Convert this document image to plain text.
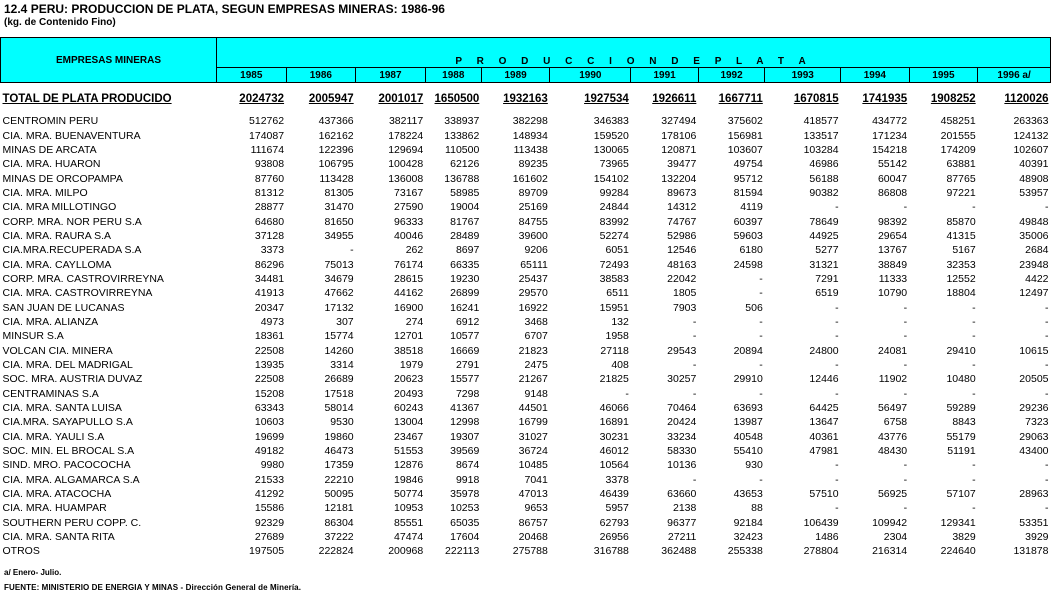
12.4 PERU: PRODUCCION DE PLATA, SEGUN EMPRESAS MINERAS: 1986-96
(kg. de Contenido Fino)
EMPRESAS MINERAS	P R O D U C C I O N D E P L A T A											
	1985	1986	1987	1988	1989	1990	1991	1992	1993	1994	1995	1996 a/

TOTAL DE PLATA PRODUCIDO	2024732	2005947	2001017	1650500	1932163	1927534	1926611	1667711	1670815	1741935	1908252	1120026

CENTROMIN PERU	512762	437366	382117	338937	382298	346383	327494	375602	418577	434772	458251	263363
CIA. MRA. BUENAVENTURA	174087	162162	178224	133862	148934	159520	178106	156981	133517	171234	201555	124132
MINAS DE ARCATA	111674	122396	129694	110500	113438	130065	120871	103607	103284	154218	174209	102607
CIA. MRA. HUARON	93808	106795	100428	62126	89235	73965	39477	49754	46986	55142	63881	40391
MINAS DE ORCOPAMPA	87760	113428	136008	136788	161602	154102	132204	95712	56188	60047	87765	48908
CIA. MRA. MILPO	81312	81305	73167	58985	89709	99284	89673	81594	90382	86808	97221	53957
CIA. MRA MILLOTINGO	28877	31470	27590	19004	25169	24844	14312	4119	-	-	-	-
CORP. MRA. NOR PERU S.A	64680	81650	96333	81767	84755	83992	74767	60397	78649	98392	85870	49848
CIA. MRA. RAURA S.A	37128	34955	40046	28489	39600	52274	52986	59603	44925	29654	41315	35006
CIA.MRA.RECUPERADA S.A	3373	-	262	8697	9206	6051	12546	6180	5277	13767	5167	2684
CIA. MRA. CAYLLOMA	86296	75013	76174	66335	65111	72493	48163	24598	31321	38849	32353	23948
CORP. MRA. CASTROVIRREYNA	34481	34679	28615	19230	25437	38583	22042	-	7291	11333	12552	4422
CIA. MRA. CASTROVIRREYNA	41913	47662	44162	26899	29570	6511	1805	-	6519	10790	18804	12497
SAN JUAN DE LUCANAS	20347	17132	16900	16241	16922	15951	7903	506	-	-	-	-
CIA. MRA. ALIANZA	4973	307	274	6912	3468	132	-	-	-	-	-	-
MINSUR S.A	18361	15774	12701	10577	6707	1958	-	-	-	-	-	-
VOLCAN CIA. MINERA	22508	14260	38518	16669	21823	27118	29543	20894	24800	24081	29410	10615
CIA. MRA. DEL MADRIGAL	13935	3314	1979	2791	2475	408	-	-	-	-	-	-
SOC. MRA. AUSTRIA DUVAZ	22508	26689	20623	15577	21267	21825	30257	29910	12446	11902	10480	20505
CENTRAMINAS S.A	15208	17518	20493	7298	9148	-	-	-	-	-	-	-
CIA. MRA. SANTA LUISA	63343	58014	60243	41367	44501	46066	70464	63693	64425	56497	59289	29236
CIA.MRA. SAYAPULLO S.A	10603	9530	13004	12998	16799	16891	20424	13987	13647	6758	8843	7323
CIA. MRA. YAULI S.A	19699	19860	23467	19307	31027	30231	33234	40548	40361	43776	55179	29063
SOC. MIN. EL BROCAL S.A	49182	46473	51553	39569	36724	46012	58330	55410	47981	48430	51191	43400
SIND. MRO. PACOCOCHA	9980	17359	12876	8674	10485	10564	10136	930	-	-	-	-
CIA. MRA. ALGAMARCA S.A	21533	22210	19846	9918	7041	3378	-	-	-	-	-	-
CIA. MRA. ATACOCHA	41292	50095	50774	35978	47013	46439	63660	43653	57510	56925	57107	28963
CIA. MRA. HUAMPAR	15586	12181	10953	10253	9653	5957	2138	88	-	-	-	-
SOUTHERN PERU COPP. C.	92329	86304	85551	65035	86757	62793	96377	92184	106439	109942	129341	53351
CIA. MRA. SANTA RITA	27689	37222	47474	17604	20468	26956	27211	32423	1486	2304	3829	3929
OTROS	197505	222824	200968	222113	275788	316788	362488	255338	278804	216314	224640	131878
a/ Enero- Julio.
FUENTE: MINISTERIO DE ENERGIA Y MINAS - Dirección General de Minería.
